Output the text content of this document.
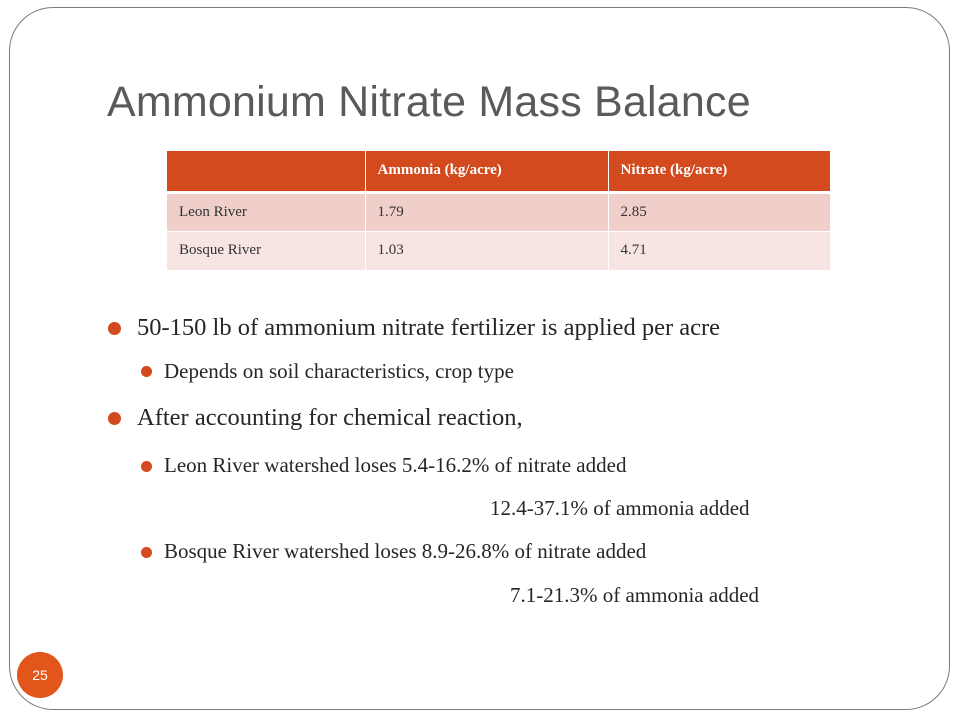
Ammonium Nitrate Mass Balance
	Ammonia (kg/acre)	Nitrate (kg/acre)
Leon River	1.79	2.85
Bosque River	1.03	4.71
50-150 lb of ammonium nitrate fertilizer is applied per acre
Depends on soil characteristics, crop type
After accounting for chemical reaction,
Leon River watershed loses 5.4-16.2% of nitrate added
12.4-37.1% of ammonia added
Bosque River watershed loses 8.9-26.8% of nitrate added
7.1-21.3% of ammonia added
25
